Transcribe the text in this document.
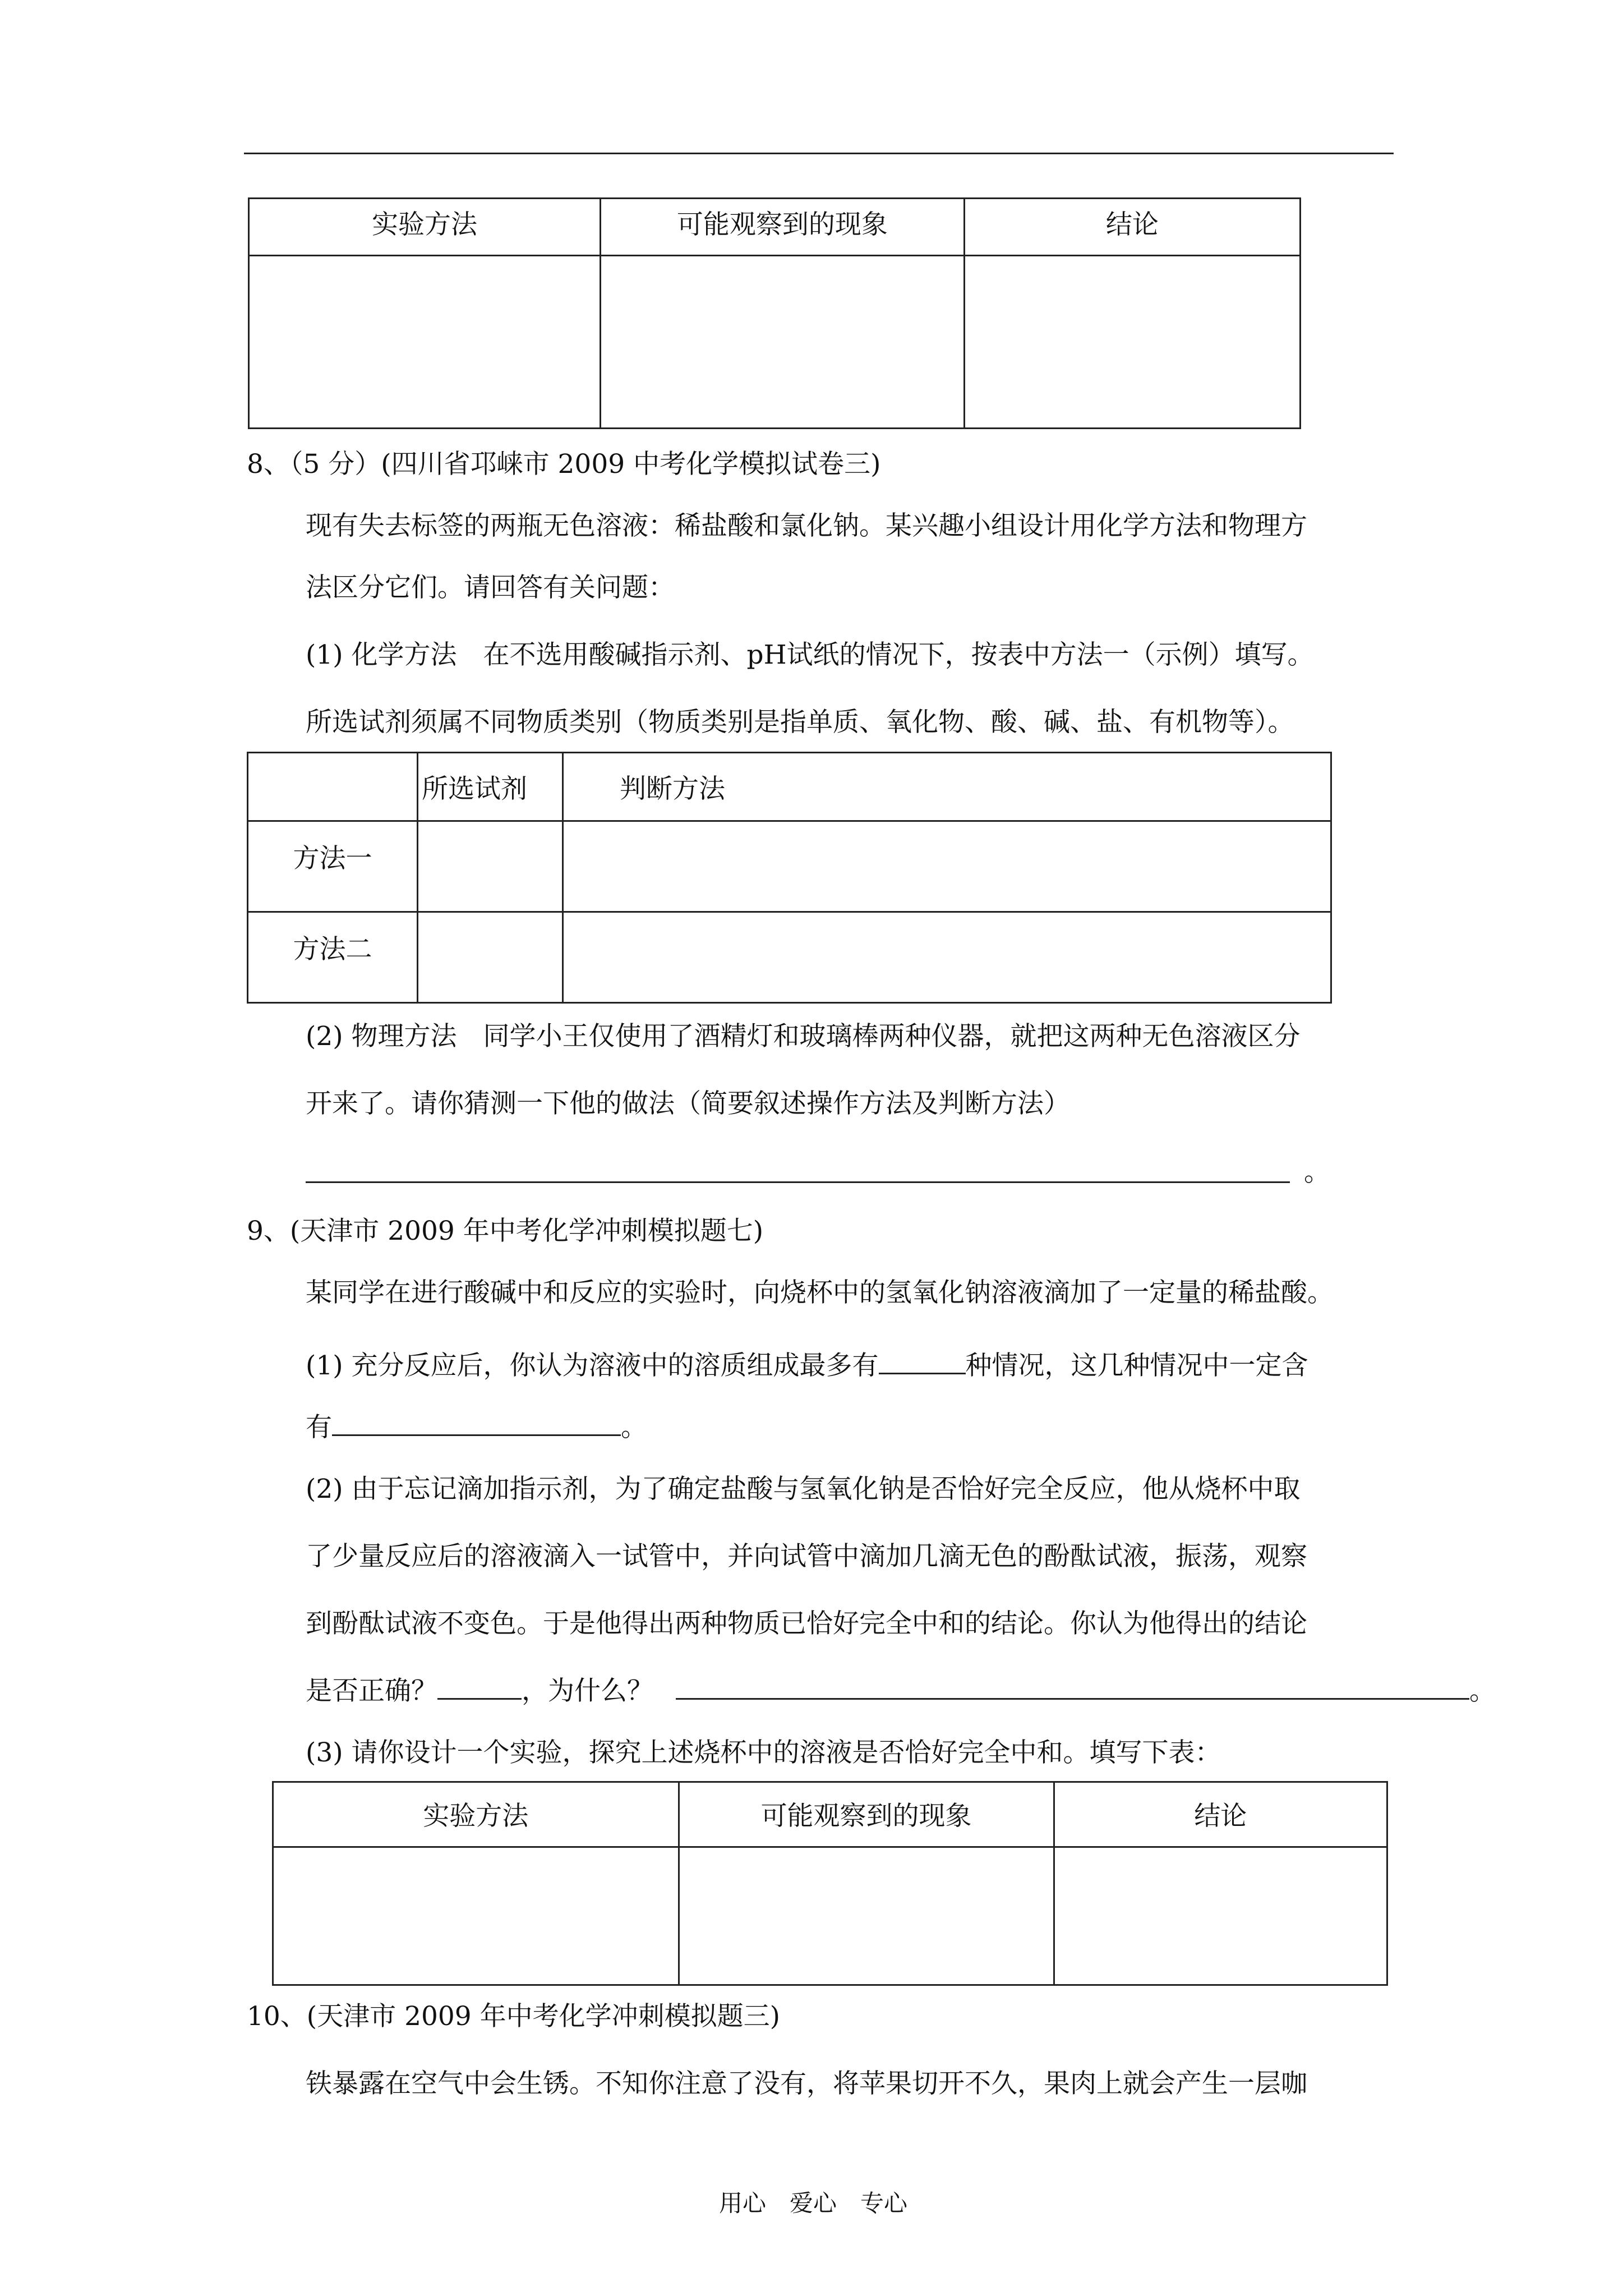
实验方法	可能观察到的现象	结论

8、（5 分）(四川省邛崃市 2009 中考化学模拟试卷三)
现有失去标签的两瓶无色溶液：稀盐酸和氯化钠。某兴趣小组设计用化学方法和物理方
法区分它们。请回答有关问题：
(1) 化学方法　在不选用酸碱指示剂、pH试纸的情况下，按表中方法一（示例）填写。
所选试剂须属不同物质类别（物质类别是指单质、氧化物、酸、碱、盐、有机物等）。
	所选试剂	判断方法
方法一		
方法二		
(2) 物理方法　同学小王仅使用了酒精灯和玻璃棒两种仪器，就把这两种无色溶液区分
开来了。请你猜测一下他的做法（简要叙述操作方法及判断方法）
。
9、(天津市 2009 年中考化学冲刺模拟题七)
某同学在进行酸碱中和反应的实验时，向烧杯中的氢氧化钠溶液滴加了一定量的稀盐酸。
(1) 充分反应后，你认为溶液中的溶质组成最多有	种情况，这几种情况中一定含
有	。
(2) 由于忘记滴加指示剂，为了确定盐酸与氢氧化钠是否恰好完全反应，他从烧杯中取
了少量反应后的溶液滴入一试管中，并向试管中滴加几滴无色的酚酞试液，振荡，观察
到酚酞试液不变色。于是他得出两种物质已恰好完全中和的结论。你认为他得出的结论
是否正确？	，为什么？	。
(3) 请你设计一个实验，探究上述烧杯中的溶液是否恰好完全中和。填写下表：
实验方法	可能观察到的现象	结论

10、(天津市 2009 年中考化学冲刺模拟题三)
铁暴露在空气中会生锈。不知你注意了没有，将苹果切开不久，果肉上就会产生一层咖
用心　爱心　专心
